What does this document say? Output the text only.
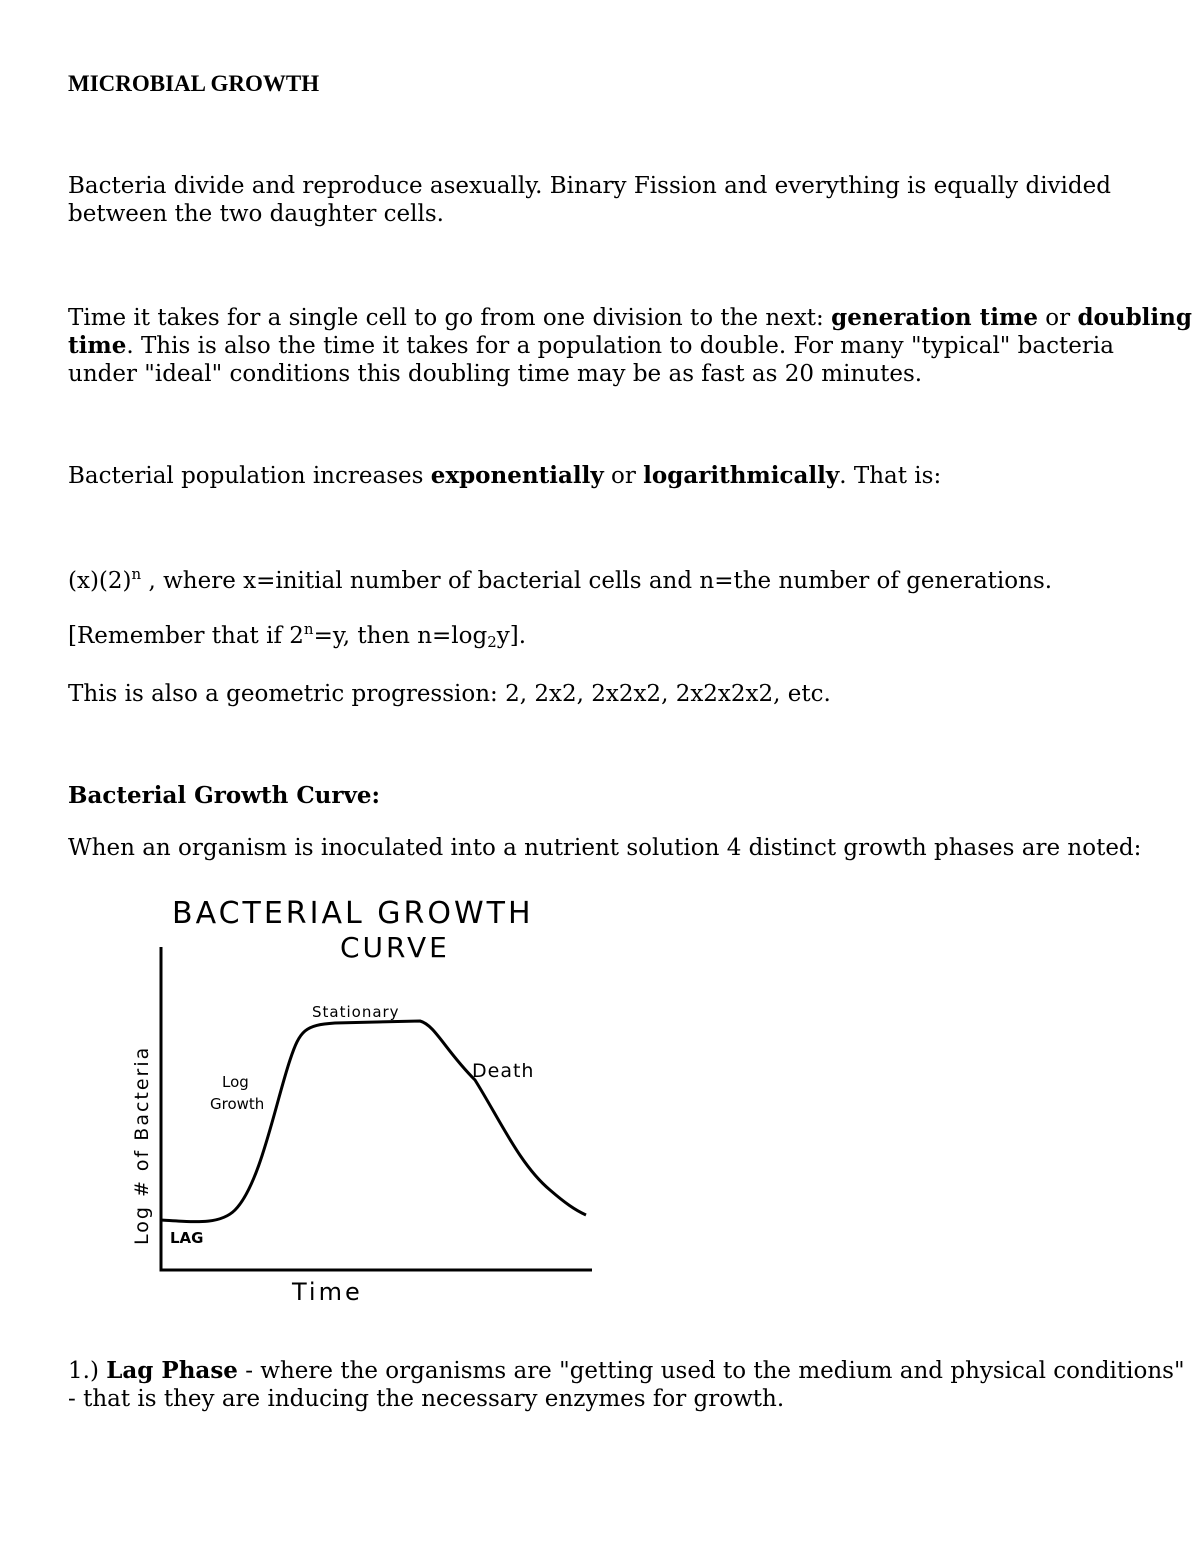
MICROBIAL GROWTH
Bacteria divide and reproduce asexually. Binary Fission and everything is equally divided
between the two daughter cells.
Time it takes for a single cell to go from one division to the next: generation time or doubling
time. This is also the time it takes for a population to double. For many "typical" bacteria
under "ideal" conditions this doubling time may be as fast as 20 minutes.
Bacterial population increases exponentially or logarithmically. That is:
$(x)(2)^n$ , where x=initial number of bacterial cells and n=the number of generations.
[Remember that if $2^n=y$, then $n=\log_2y$].
This is also a geometric progression: 2, 2x2, 2x2x2, 2x2x2x2, etc.
Bacterial Growth Curve:
When an organism is inoculated into a nutrient solution 4 distinct growth phases are noted:
BACTERIAL GROWTH
CURVE
Log # of Bacteria
Time
LAG
Log
Growth
Stationary
Death
1.) Lag Phase - where the organisms are "getting used to the medium and physical conditions"
- that is they are inducing the necessary enzymes for growth.
